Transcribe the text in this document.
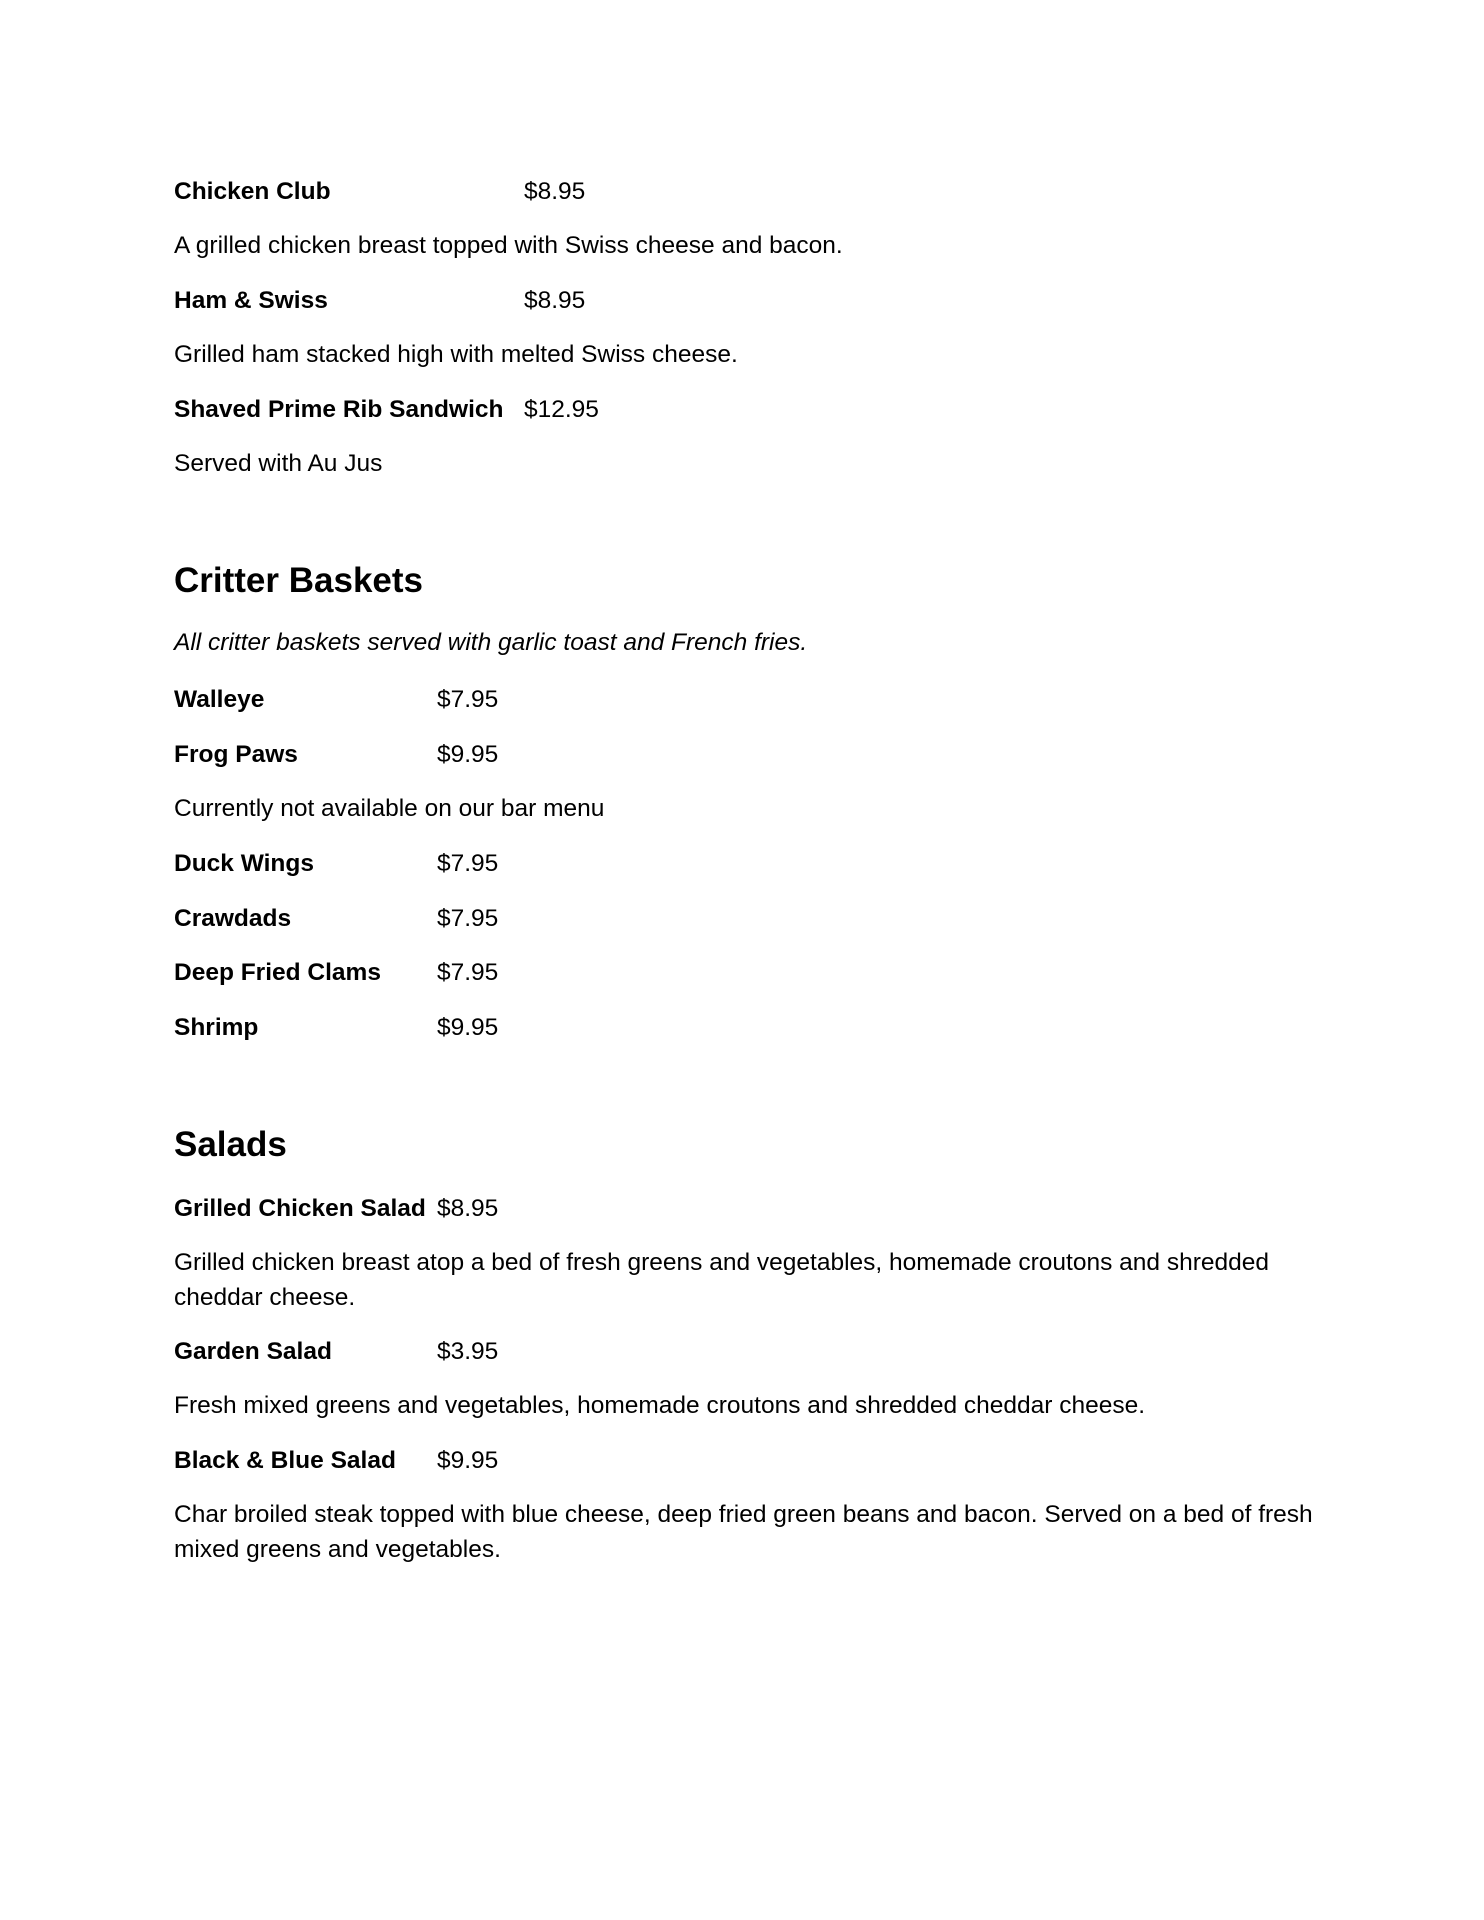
Chicken Club	$8.95
A grilled chicken breast topped with Swiss cheese and bacon.
Ham & Swiss	$8.95
Grilled ham stacked high with melted Swiss cheese.
Shaved Prime Rib Sandwich $12.95
Served with Au Jus
Critter Baskets
All critter baskets served with garlic toast and French fries.
Walleye	$7.95
Frog Paws	$9.95
Currently not available on our bar menu
Duck Wings	$7.95
Crawdads	$7.95
Deep Fried Clams $7.95
Shrimp	$9.95
Salads
Grilled Chicken Salad $8.95
Grilled chicken breast atop a bed of fresh greens and vegetables, homemade croutons and shredded cheddar cheese.
Garden Salad	$3.95
Fresh mixed greens and vegetables, homemade croutons and shredded cheddar cheese.
Black & Blue Salad $9.95
Char broiled steak topped with blue cheese, deep fried green beans and bacon. Served on a bed of fresh mixed greens and vegetables.
